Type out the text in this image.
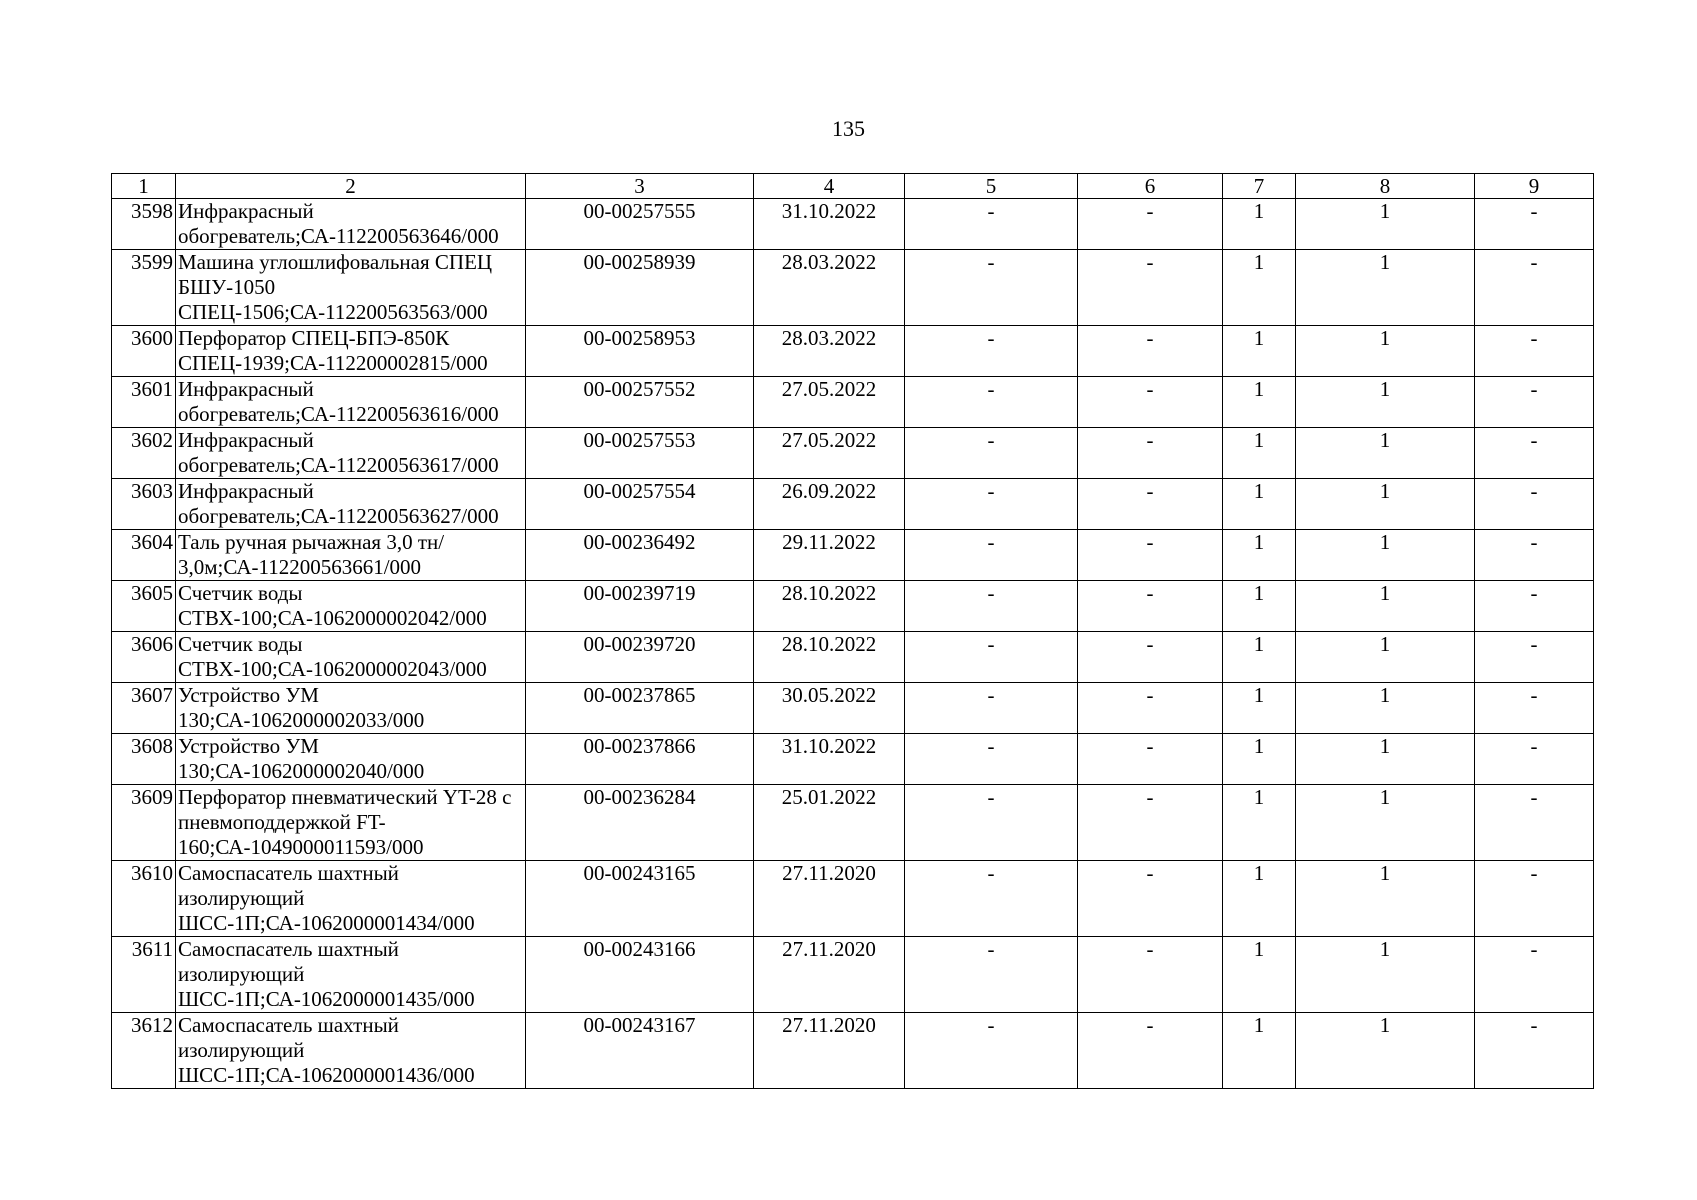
135
1	2	3	4	5	6	7	8	9
3598	Инфракрасный обогреватель;СА-112200563646/000	00-00257555	31.10.2022	-	-	1	1	-
3599	Машина углошлифовальная СПЕЦ БШУ-1050 СПЕЦ-1506;СА-112200563563/000	00-00258939	28.03.2022	-	-	1	1	-
3600	Перфоратор СПЕЦ-БПЭ-850К СПЕЦ-1939;СА-112200002815/000	00-00258953	28.03.2022	-	-	1	1	-
3601	Инфракрасный обогреватель;СА-112200563616/000	00-00257552	27.05.2022	-	-	1	1	-
3602	Инфракрасный обогреватель;СА-112200563617/000	00-00257553	27.05.2022	-	-	1	1	-
3603	Инфракрасный обогреватель;СА-112200563627/000	00-00257554	26.09.2022	-	-	1	1	-
3604	Таль ручная рычажная 3,0 тн/ 3,0м;СА-112200563661/000	00-00236492	29.11.2022	-	-	1	1	-
3605	Счетчик воды СТВХ-100;СА-1062000002042/000	00-00239719	28.10.2022	-	-	1	1	-
3606	Счетчик воды СТВХ-100;СА-1062000002043/000	00-00239720	28.10.2022	-	-	1	1	-
3607	Устройство УМ 130;СА-1062000002033/000	00-00237865	30.05.2022	-	-	1	1	-
3608	Устройство УМ 130;СА-1062000002040/000	00-00237866	31.10.2022	-	-	1	1	-
3609	Перфоратор пневматический YT-28 с пневмоподдержкой FT-160;СА-1049000011593/000	00-00236284	25.01.2022	-	-	1	1	-
3610	Самоспасатель шахтный изолирующий ШСС-1П;СА-1062000001434/000	00-00243165	27.11.2020	-	-	1	1	-
3611	Самоспасатель шахтный изолирующий ШСС-1П;СА-1062000001435/000	00-00243166	27.11.2020	-	-	1	1	-
3612	Самоспасатель шахтный изолирующий ШСС-1П;СА-1062000001436/000	00-00243167	27.11.2020	-	-	1	1	-
